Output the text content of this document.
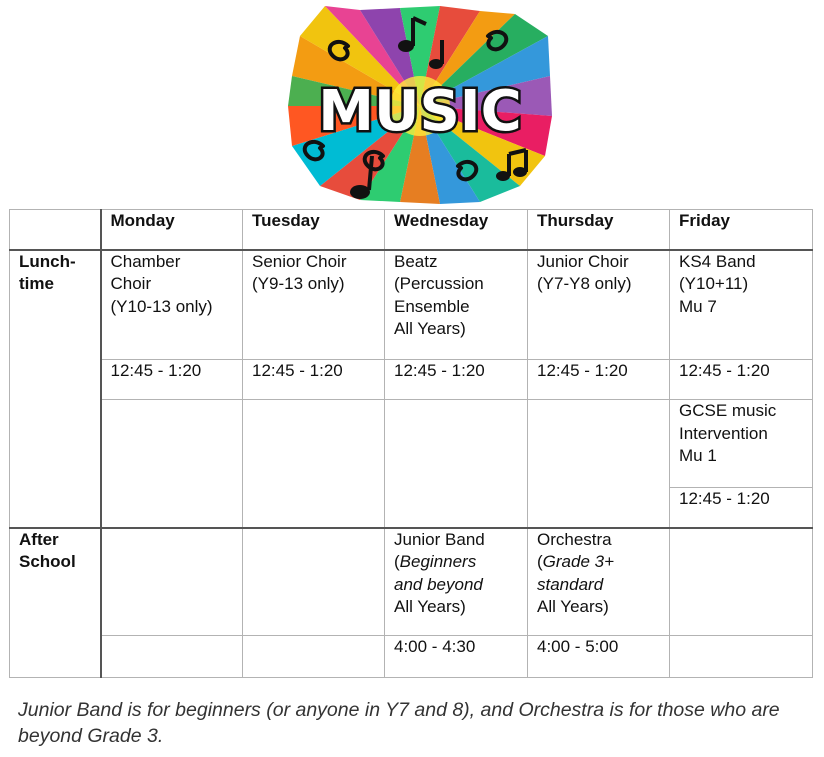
MUSIC
	Monday	Tuesday	Wednesday	Thursday	Friday

Lunch-
time	Chamber
Choir
(Y10-13 only)	Senior Choir
(Y9-13 only)	Beatz
(Percussion
Ensemble
All Years)	Junior Choir
(Y7-Y8 only)	KS4 Band
(Y10+11)
Mu 7

	12:45 - 1:20	12:45 - 1:20	12:45 - 1:20	12:45 - 1:20	12:45 - 1:20

					GCSE music
Intervention
Mu 1

					12:45 - 1:20

After
School			Junior Band
(Beginners
and beyond
All Years)	Orchestra
(Grade 3+
standard
All Years)	

			4:00 - 4:30	4:00 - 5:00	
Junior Band is for beginners (or anyone in Y7 and 8), and Orchestra is for those who are beyond Grade 3.
